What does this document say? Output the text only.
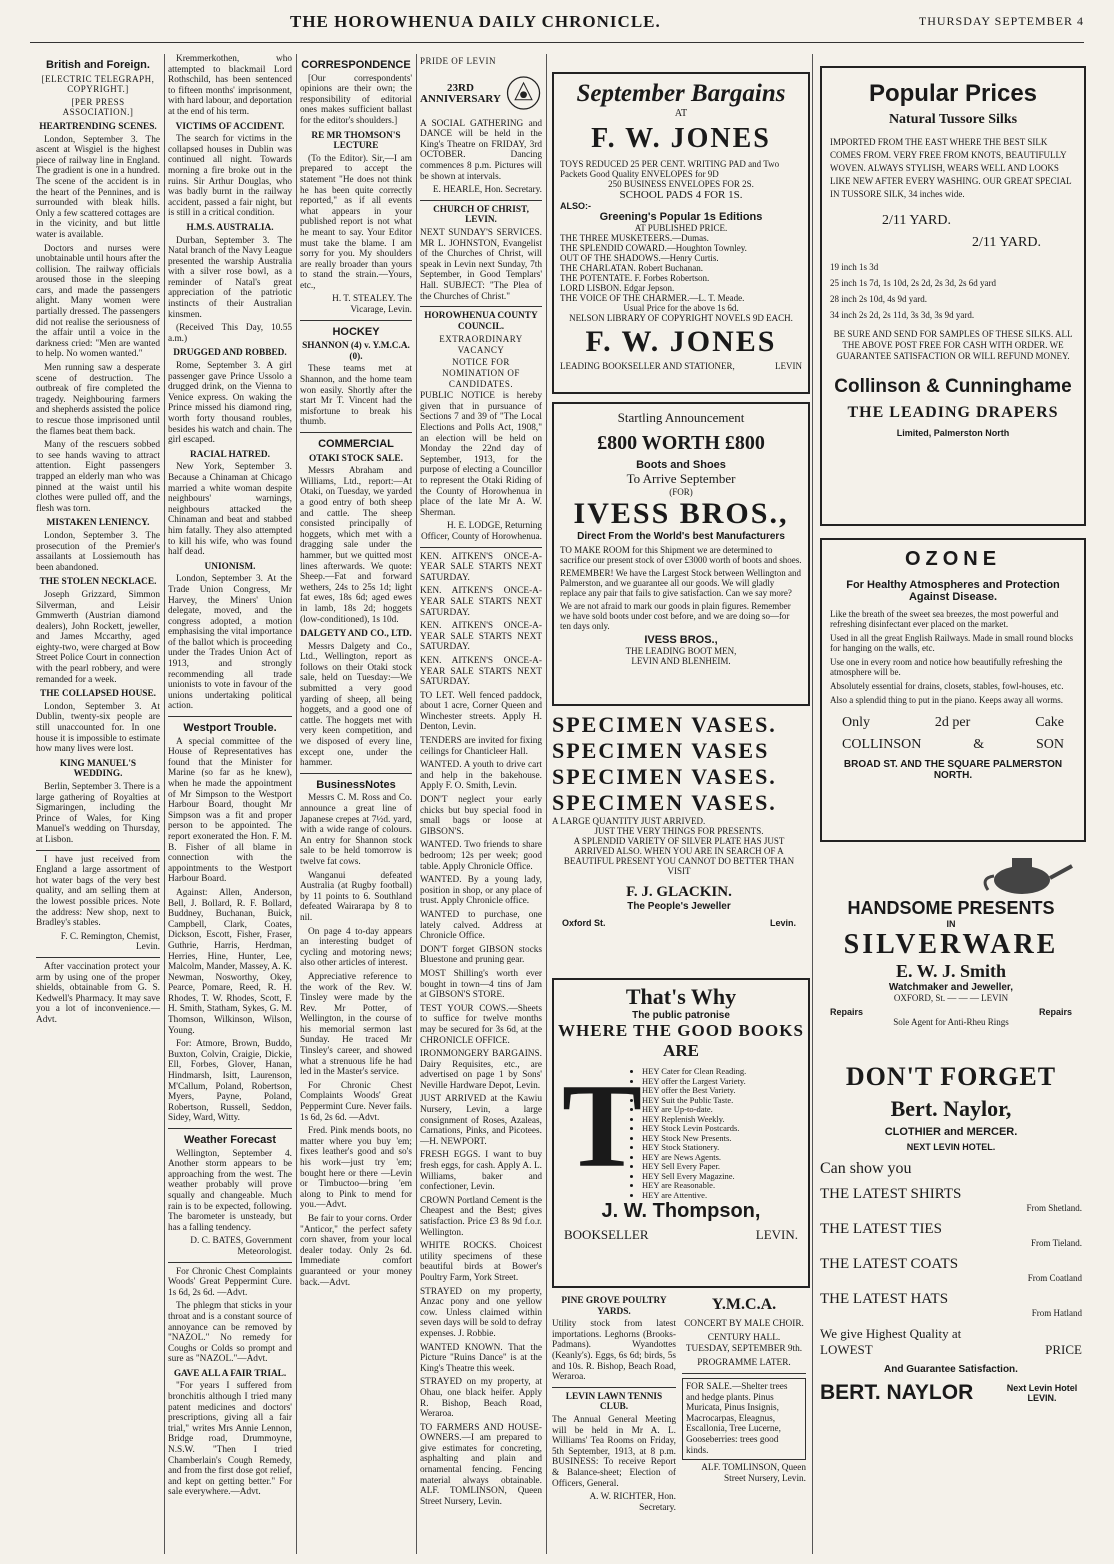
THE HOROWHENUA DAILY CHRONICLE.	THURSDAY SEPTEMBER 4
British and Foreign.
[ELECTRIC TELEGRAPH, COPYRIGHT.]
[PER PRESS ASSOCIATION.]
HEARTRENDING SCENES.

London, September 3. The ascent at Wisgiel is the highest piece of railway line in England. The gradient is one in a hundred. The scene of the accident is in the heart of the Pennines, and is surrounded with bleak hills. Only a few scattered cottages are in the vicinity, and but little water is available.

Doctors and nurses were unobtainable until hours after the collision. The railway officials aroused those in the sleeping cars, and made the passengers alight. Many women were partially dressed. The passengers did not realise the seriousness of the affair until a voice in the darkness cried: "Men are wanted to help. No women wanted."

Men running saw a desperate scene of destruction. The outbreak of fire completed the tragedy. Neighbouring farmers and shepherds assisted the police to rescue those imprisoned until the flames beat them back.

Many of the rescuers sobbed to see hands waving to attract attention. Eight passengers trapped an elderly man who was pinned at the waist until his clothes were pulled off, and the flesh was torn.

MISTAKEN LENIENCY.

London, September 3. The prosecution of the Premier's assailants at Lossiemouth has been abandoned.

THE STOLEN NECKLACE.

Joseph Grizzard, Simmon Silverman, and Leisir Gmmwerth (Austrian diamond dealers), John Rockett, jeweller, and James Mccarthy, aged eighty-two, were charged at Bow Street Police Court in connection with the pearl robbery, and were remanded for a week.

THE COLLAPSED HOUSE.

London, September 3. At Dublin, twenty-six people are still unaccounted for. In one house it is impossible to estimate how many lives were lost.

KING MANUEL'S WEDDING.

Berlin, September 3. There is a large gathering of Royalties at Sigmaringen, including the Prince of Wales, for King Manuel's wedding on Thursday, at Lisbon.

I have just received from England a large assortment of hot water bags of the very best quality, and am selling them at the lowest possible prices. Note the address: New shop, next to Bradley's stables.

F. C. Remington, Chemist, Levin.

After vaccination protect your arm by using one of the proper shields, obtainable from G. S. Kedwell's Pharmacy. It may save you a lot of inconvenience.—Advt.

Kremmerkothen, who attempted to blackmail Lord Rothschild, has been sentenced to fifteen months' imprisonment, with hard labour, and deportation at the end of his term.

VICTIMS OF ACCIDENT.

The search for victims in the collapsed houses in Dublin was continued all night. Towards morning a fire broke out in the ruins. Sir Arthur Douglas, who was badly burnt in the railway accident, passed a fair night, but is still in a critical condition.

H.M.S. AUSTRALIA.

Durban, September 3. The Natal branch of the Navy League presented the warship Australia with a silver rose bowl, as a reminder of Natal's great appreciation of the patriotic instincts of their Australian kinsmen.

(Received This Day, 10.55 a.m.)

DRUGGED AND ROBBED.

Rome, September 3. A girl passenger gave Prince Ussolo a drugged drink, on the Vienna to Venice express. On waking the Prince missed his diamond ring, worth forty thousand roubles, besides his watch and chain. The girl escaped.

RACIAL HATRED.

New York, September 3. Because a Chinaman at Chicago married a white woman despite neighbours' warnings, neighbours attacked the Chinaman and beat and stabbed him fatally. They also attempted to kill his wife, who was found half dead.

UNIONISM.

London, September 3. At the Trade Union Congress, Mr Harvey, the Miners' Union delegate, moved, and the congress adopted, a motion emphasising the vital importance of the ballot which is proceeding under the Trades Union Act of 1913, and strongly recommending all trade unionists to vote in favour of the unions undertaking political action.

Westport Trouble.

A special committee of the House of Representatives has found that the Minister for Marine (so far as he knew), when he made the appointment of Mr Simpson to the Westport Harbour Board, thought Mr Simpson was a fit and proper person to be appointed. The report exonerated the Hon. F. M. B. Fisher of all blame in connection with the appointments to the Westport Harbour Board.

Against: Allen, Anderson, Bell, J. Bollard, R. F. Bollard, Buddney, Buchanan, Buick, Campbell, Clark, Coates, Dickson, Escott, Fisher, Fraser, Guthrie, Harris, Herdman, Herries, Hine, Hunter, Lee, Malcolm, Mander, Massey, A. K. Newman, Nosworthy, Okey, Pearce, Pomare, Reed, R. H. Rhodes, T. W. Rhodes, Scott, F. H. Smith, Statham, Sykes, G. M. Thomson, Wilkinson, Wilson, Young.

For: Atmore, Brown, Buddo, Buxton, Colvin, Craigie, Dickie, Ell, Forbes, Glover, Hanan, Hindmarsh, Isitt, Laurenson, M'Callum, Poland, Robertson, Myers, Payne, Poland, Robertson, Russell, Seddon, Sidey, Ward, Witty.

Weather Forecast

Wellington, September 4. Another storm appears to be approaching from the west. The weather probably will prove squally and changeable. Much rain is to be expected, following. The barometer is unsteady, but has a falling tendency.

D. C. BATES, Government Meteorologist.

For Chronic Chest Complaints Woods' Great Peppermint Cure. 1s 6d, 2s 6d. —Advt.

The phlegm that sticks in your throat and is a constant source of annoyance can be removed by "NAZOL." No remedy for Coughs or Colds so prompt and sure as "NAZOL."—Advt.

GAVE ALL A FAIR TRIAL.

"For years I suffered from bronchitis although I tried many patent medicines and doctors' prescriptions, giving all a fair trial," writes Mrs Annie Lennon, Bridge road, Drummoyne, N.S.W. "Then I tried Chamberlain's Cough Remedy, and from the first dose got relief, and kept on getting better." For sale everywhere.—Advt.

CORRESPONDENCE

[Our correspondents' opinions are their own; the responsibility of editorial ones makes sufficient ballast for the editor's shoulders.]

RE MR THOMSON'S LECTURE

(To the Editor). Sir,—I am prepared to accept the statement "He does not think he has been quite correctly reported," as if all events what appears in your published report is not what he meant to say. Your Editor must take the blame. I am sorry for you. My shoulders are really broader than yours to stand the strain.—Yours, etc.,

H. T. STEALEY. The Vicarage, Levin.

HOCKEY
SHANNON (4) v. Y.M.C.A. (0).

These teams met at Shannon, and the home team won easily. Shortly after the start Mr T. Vincent had the misfortune to break his thumb.

COMMERCIAL
OTAKI STOCK SALE.

Messrs Abraham and Williams, Ltd., report:—At Otaki, on Tuesday, we yarded a good entry of both sheep and cattle. The sheep consisted principally of hoggets, which met with a dragging sale under the hammer, but we quitted most lines afterwards. We quote: Sheep.—Fat and forward wethers, 24s to 25s 1d; light fat ewes, 18s 6d; aged ewes in lamb, 18s 2d; hoggets (low-conditioned), 1s 10d.

DALGETY AND CO., LTD.

Messrs Dalgety and Co., Ltd., Wellington, report as follows on their Otaki stock sale, held on Tuesday:—We submitted a very good yarding of sheep, all being hoggets, and a good one of cattle. The hoggets met with very keen competition, and we disposed of every line, except one, under the hammer.

BusinessNotes

Messrs C. M. Ross and Co. announce a great line of Japanese crepes at 7½d. yard, with a wide range of colours. An entry for Shannon stock sale to be held tomorrow is twelve fat cows.

Wanganui defeated Australia (at Rugby football) by 11 points to 6. Southland defeated Wairarapa by 8 to nil.

On page 4 to-day appears an interesting budget of cycling and motoring news; also other articles of interest.

Appreciative reference to the work of the Rev. W. Tinsley were made by the Rev. Mr Potter, of Wellington, in the course of his memorial sermon last Sunday. He traced Mr Tinsley's career, and showed what a strenuous life he had led in the Master's service.

For Chronic Chest Complaints Woods' Great Peppermint Cure. Never fails. 1s 6d, 2s 6d. —Advt.

Fred. Pink mends boots, no matter where you buy 'em; fixes leather's good and so's his work—just try 'em; bought here or there —Levin or Timbuctoo—bring 'em along to Pink to mend for you.—Advt.

Be fair to your corns. Order "Anticor," the perfect safety corn shaver, from your local dealer today. Only 2s 6d. Immediate comfort guaranteed or your money back.—Advt.

PRIDE OF LEVIN
23RD ANNIVERSARY

A SOCIAL GATHERING and DANCE will be held in the King's Theatre on FRIDAY, 3rd OCTOBER. Dancing commences 8 p.m. Pictures will be shown at intervals.

E. HEARLE, Hon. Secretary.

CHURCH OF CHRIST, LEVIN.

NEXT SUNDAY'S SERVICES. MR L. JOHNSTON, Evangelist of the Churches of Christ, will speak in Levin next Sunday, 7th September, in Good Templars' Hall. SUBJECT: "The Plea of the Churches of Christ."

HOROWHENUA COUNTY COUNCIL.
EXTRAORDINARY VACANCY
NOTICE FOR NOMINATION OF CANDIDATES.

PUBLIC NOTICE is hereby given that in pursuance of Sections 7 and 39 of "The Local Elections and Polls Act, 1908," an election will be held on Monday the 22nd day of September, 1913, for the purpose of electing a Councillor to represent the Otaki Riding of the County of Horowhenua in place of the late Mr A. W. Sherman.

H. E. LODGE, Returning Officer, County of Horowhenua.

KEN. AITKEN'S ONCE-A-YEAR SALE STARTS NEXT SATURDAY.

KEN. AITKEN'S ONCE-A-YEAR SALE STARTS NEXT SATURDAY.

KEN. AITKEN'S ONCE-A-YEAR SALE STARTS NEXT SATURDAY.

KEN. AITKEN'S ONCE-A-YEAR SALE STARTS NEXT SATURDAY.

TO LET. Well fenced paddock, about 1 acre, Corner Queen and Winchester streets. Apply H. Denton, Levin.

TENDERS are invited for fixing ceilings for Chanticleer Hall.

WANTED. A youth to drive cart and help in the bakehouse. Apply F. O. Smith, Levin.

DON'T neglect your early chicks but buy special food in small bags or loose at GIBSON'S.

WANTED. Two friends to share bedroom; 12s per week; good table. Apply Chronicle Office.

WANTED. By a young lady, position in shop, or any place of trust. Apply Chronicle office.

WANTED to purchase, one lately calved. Address at Chronicle Office.

DON'T forget GIBSON stocks Bluestone and pruning gear.

MOST Shilling's worth ever bought in town—4 tins of Jam at GIBSON'S STORE.

TEST YOUR COWS.—Sheets to suffice for twelve months may be secured for 3s 6d, at the CHRONICLE OFFICE.

IRONMONGERY BARGAINS. Dairy Requisites, etc., are advertised on page 1 by Sons' Neville Hardware Depot, Levin.

JUST ARRIVED at the Kawiu Nursery, Levin, a large consignment of Roses, Azaleas, Carnations, Pinks, and Picotees.—H. NEWPORT.

FRESH EGGS. I want to buy fresh eggs, for cash. Apply A. L. Williams, baker and confectioner, Levin.

CROWN Portland Cement is the Cheapest and the Best; gives satisfaction. Price £3 8s 9d f.o.r. Wellington.

WHITE ROCKS. Choicest utility specimens of these beautiful birds at Bower's Poultry Farm, York Street.

STRAYED on my property, Anzac pony and one yellow cow. Unless claimed within seven days will be sold to defray expenses. J. Robbie.

WANTED KNOWN. That the Picture "Ruins Dance" is at the King's Theatre this week.

STRAYED on my property, at Ohau, one black heifer. Apply R. Bishop, Beach Road, Weraroa.

TO FARMERS AND HOUSE-OWNERS.—I am prepared to give estimates for concreting, asphalting and plain and ornamental fencing. Fencing material always obtainable. ALF. TOMLINSON, Queen Street Nursery, Levin.

September Bargains
AT
F. W. JONES
TOYS REDUCED 25 PER CENT. WRITING PAD and Two Packets Good Quality ENVELOPES for 9D
250 BUSINESS ENVELOPES FOR 2S.
SCHOOL PADS 4 FOR 1S.
ALSO:-
Greening's Popular 1s Editions
AT PUBLISHED PRICE.
• THE THREE MUSKETEERS.—Dumas.
• THE SPLENDID COWARD.—Houghton Townley.
• OUT OF THE SHADOWS.—Henry Curtis.
• THE CHARLATAN. Robert Buchanan.
• THE POTENTATE. F. Forbes Robertson.
• LORD LISBON. Edgar Jepson.
• THE VOICE OF THE CHARMER.—L. T. Meade.
Usual Price for the above 1s 6d.
NELSON LIBRARY OF COPYRIGHT NOVELS 9D EACH.
F. W. JONES
LEADING BOOKSELLER AND STATIONER,	LEVIN
Popular Prices
Natural Tussore Silks
IMPORTED FROM THE EAST WHERE THE BEST SILK COMES FROM. VERY FREE FROM KNOTS, BEAUTIFULLY WOVEN. ALWAYS STYLISH, WEARS WELL AND LOOKS LIKE NEW AFTER EVERY WASHING. OUR GREAT SPECIAL IN TUSSORE SILK, 34 inches wide.
2/11 YARD.
2/11 YARD.
• 19 inch 1s 3d
• 25 inch 1s 7d, 1s 10d, 2s 2d, 2s 3d, 2s 6d yard
• 28 inch 2s 10d, 4s 9d yard.
• 34 inch 2s 2d, 2s 11d, 3s 3d, 3s 9d yard.
BE SURE AND SEND FOR SAMPLES OF THESE SILKS. ALL THE ABOVE POST FREE FOR CASH WITH ORDER. WE GUARANTEE SATISFACTION OR WILL REFUND MONEY.
Collinson & Cunninghame
THE LEADING DRAPERS
Limited, Palmerston North
Startling Announcement
£800 WORTH £800
Boots and Shoes
To Arrive September
(FOR)
IVESS BROS.,
Direct From the World's best Manufacturers
TO MAKE ROOM for this Shipment we are determined to sacrifice our present stock of over £3000 worth of boots and shoes.
REMEMBER! We have the Largest Stock between Wellington and Palmerston, and we guarantee all our goods. We will gladly replace any pair that fails to give satisfaction. Can we say more?
We are not afraid to mark our goods in plain figures. Remember we have sold boots under cost before, and we are doing so—for ten days only.
IVESS BROS.,
THE LEADING BOOT MEN,
LEVIN AND BLENHEIM.
OZONE
For Healthy Atmospheres and Protection Against Disease.
Like the breath of the sweet sea breezes, the most powerful and refreshing disinfectant ever placed on the market.
Used in all the great English Railways. Made in small round blocks for hanging on the walls, etc.
Use one in every room and notice how beautifully refreshing the atmosphere will be.
Absolutely essential for drains, closets, stables, fowl-houses, etc.
Also a splendid thing to put in the piano. Keeps away all worms.
Only	2d per	Cake
COLLINSON	&	SON
BROAD ST. AND THE SQUARE PALMERSTON NORTH.
SPECIMEN VASES.
SPECIMEN VASES
SPECIMEN VASES.
SPECIMEN VASES.
A LARGE QUANTITY JUST ARRIVED.
JUST THE VERY THINGS FOR PRESENTS.
A SPLENDID VARIETY OF SILVER PLATE HAS JUST ARRIVED ALSO. WHEN YOU ARE IN SEARCH OF A BEAUTIFUL PRESENT YOU CANNOT DO BETTER THAN VISIT
F. J. GLACKIN.
The People's Jeweller
Oxford St.	Levin.
HANDSOME PRESENTS
IN
SILVERWARE
E. W. J. Smith
Watchmaker and Jeweller,
OXFORD, St. — — — LEVIN
Repairs	Repairs
Sole Agent for Anti-Rheu Rings
That's Why
The public patronise
WHERE THE GOOD BOOKS
ARE
T
• HEY Cater for Clean Reading.
• HEY offer the Largest Variety.
• HEY offer the Best Variety.
• HEY Suit the Public Taste.
• HEY are Up-to-date.
• HEY Replenish Weekly.
• HEY Stock Levin Postcards.
• HEY Stock New Presents.
• HEY Stock Stationery.
• HEY are News Agents.
• HEY Sell Every Paper.
• HEY Sell Every Magazine.
• HEY are Reasonable.
• HEY are Attentive.
J. W. Thompson,
BOOKSELLER	LEVIN.
DON'T FORGET
Bert. Naylor,
CLOTHIER and MERCER.
NEXT LEVIN HOTEL.
Can show you
THE LATEST SHIRTS
From Shetland.
THE LATEST TIES
From Tieland.
THE LATEST COATS
From Coatland
THE LATEST HATS
From Hatland
We give Highest Quality at
LOWEST	PRICE
And Guarantee Satisfaction.
BERT. NAYLOR	Next Levin Hotel LEVIN.
PINE GROVE POULTRY YARDS.

Utility stock from latest importations. Leghorns (Brooks-Padmans). Wyandottes (Keanly's). Eggs, 6s 6d; birds, 5s and 10s. R. Bishop, Beach Road, Weraroa.

LEVIN LAWN TENNIS CLUB.

The Annual General Meeting will be held in Mr A. L. Williams' Tea Rooms on Friday, 5th September, 1913, at 8 p.m. BUSINESS: To receive Report & Balance-sheet; Election of Officers, General.

A. W. RICHTER, Hon. Secretary.

Y.M.C.A.
CONCERT BY MALE CHOIR.
CENTURY HALL.
TUESDAY, SEPTEMBER 9th.
PROGRAMME LATER.

FOR SALE.—Shelter trees and hedge plants. Pinus Muricata, Pinus Insignis, Macrocarpas, Eleagnus, Escallonia, Tree Lucerne, Gooseberries: trees good kinds.

ALF. TOMLINSON, Queen Street Nursery, Levin.
